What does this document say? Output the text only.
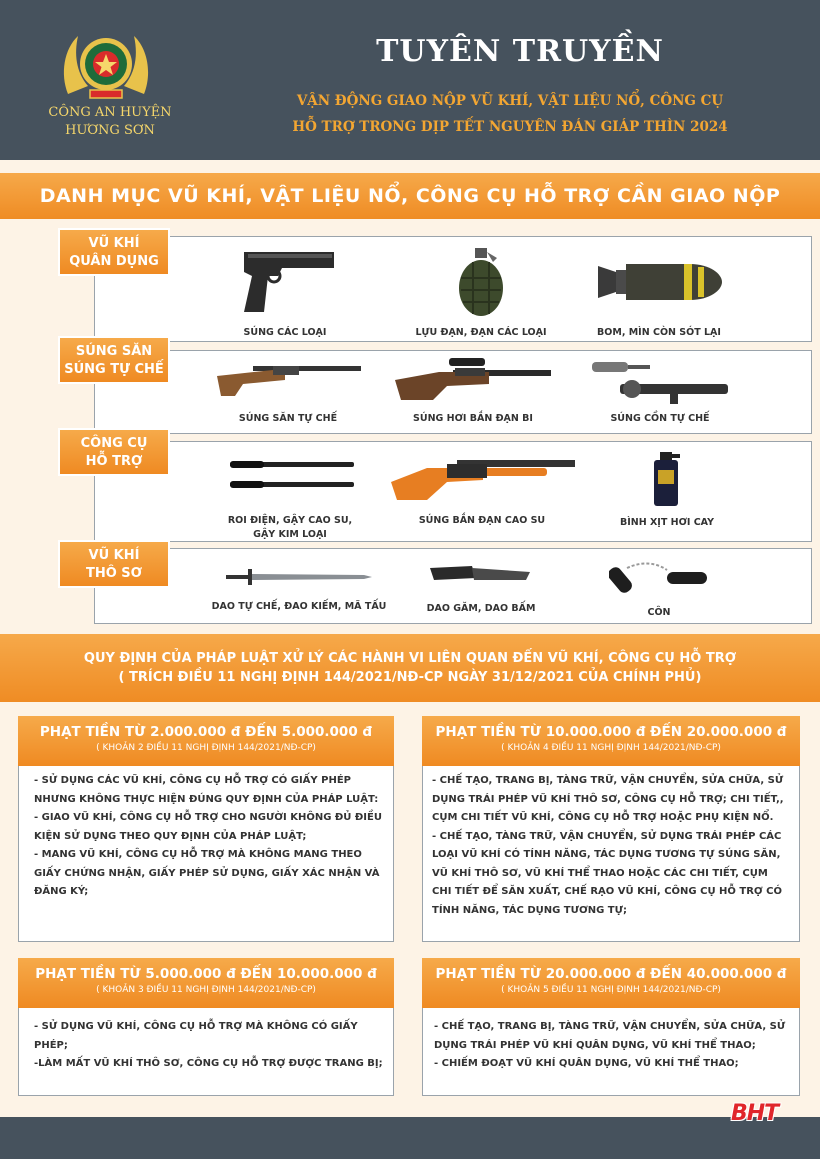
CÔNG AN HUYỆN
HƯƠNG SƠN
TUYÊN TRUYỀN
VẬN ĐỘNG GIAO NỘP VŨ KHÍ, VẬT LIỆU NỔ, CÔNG CỤ
HỖ TRỢ TRONG DỊP TẾT NGUYÊN ĐÁN GIÁP THÌN 2024
DANH MỤC VŨ KHÍ, VẬT LIỆU NỔ, CÔNG CỤ HỖ TRỢ CẦN GIAO NỘP
VŨ KHÍ
QUÂN DỤNG
SÚNG CÁC LOẠI	LỰU ĐẠN, ĐẠN CÁC LOẠI	BOM, MÌN CÒN SÓT LẠI
SÚNG SĂN
SÚNG TỰ CHẾ
SÚNG SĂN TỰ CHẾ	SÚNG HƠI BẮN ĐẠN BI	SÚNG CỒN TỰ CHẾ
CÔNG CỤ
HỖ TRỢ
ROI ĐIỆN, GẬY CAO SU,
GẬY KIM LOẠI
SÚNG BẮN ĐẠN CAO SU	BÌNH XỊT HƠI CAY
VŨ KHÍ
THÔ SƠ
DAO TỰ CHẾ, ĐAO KIẾM, MÃ TẤU	DAO GĂM, DAO BẤM	CÔN
QUY ĐỊNH CỦA PHÁP LUẬT XỬ LÝ CÁC HÀNH VI LIÊN QUAN ĐẾN VŨ KHÍ, CÔNG CỤ HỖ TRỢ
( TRÍCH ĐIỀU 11 NGHỊ ĐỊNH 144/2021/NĐ-CP NGÀY 31/12/2021 CỦA CHÍNH PHỦ)
PHẠT TIỀN TỪ 2.000.000 đ ĐẾN 5.000.000 đ
( KHOẢN 2 ĐIỀU 11 NGHỊ ĐỊNH 144/2021/NĐ-CP)
- SỬ DỤNG CÁC VŨ KHÍ, CÔNG CỤ HỖ TRỢ CÓ GIẤY PHÉP
NHƯNG KHÔNG THỰC HIỆN ĐÚNG QUY ĐỊNH CỦA PHÁP LUẬT:
- GIAO VŨ KHÍ, CÔNG CỤ HỖ TRỢ CHO NGƯỜI KHÔNG ĐỦ ĐIỀU
KIỆN SỬ DỤNG THEO QUY ĐỊNH CỦA PHÁP LUẬT;
- MANG VŨ KHÍ, CÔNG CỤ HỖ TRỢ MÀ KHÔNG MANG THEO
GIẤY CHỨNG NHẬN, GIẤY PHÉP SỬ DỤNG, GIẤY XÁC NHẬN VÀ
ĐĂNG KÝ;
PHẠT TIỀN TỪ 10.000.000 đ ĐẾN 20.000.000 đ
( KHOẢN 4 ĐIỀU 11 NGHỊ ĐỊNH 144/2021/NĐ-CP)
- CHẾ TẠO, TRANG BỊ, TÀNG TRỮ, VẬN CHUYỂN, SỬA CHỮA, SỬ
DỤNG TRÁI PHÉP VŨ KHÍ THÔ SƠ, CÔNG CỤ HỖ TRỢ; CHI TIẾT,,
CỤM CHI TIẾT VŨ KHÍ, CÔNG CỤ HỖ TRỢ HOẶC PHỤ KIỆN NỔ.
- CHẾ TẠO, TÀNG TRỮ, VẬN CHUYỂN, SỬ DỤNG TRÁI PHÉP CÁC
LOẠI VŨ KHÍ CÓ TÍNH NĂNG, TÁC DỤNG TƯƠNG TỰ SÚNG SĂN,
VŨ KHÍ THÔ SƠ, VŨ KHÍ THỂ THAO HOẶC CÁC CHI TIẾT, CỤM
CHI TIẾT ĐỂ SĂN XUẤT, CHẾ RẠO VŨ KHÍ, CÔNG CỤ HỖ TRỢ CÓ
TÍNH NĂNG, TÁC DỤNG TƯƠNG TỰ;
PHẠT TIỀN TỪ 5.000.000 đ ĐẾN 10.000.000 đ
( KHOẢN 3 ĐIỀU 11 NGHỊ ĐỊNH 144/2021/NĐ-CP)
- SỬ DỤNG VŨ KHÍ, CÔNG CỤ HỖ TRỢ MÀ KHÔNG CÓ GIẤY
PHÉP;
-LÀM MẤT VŨ KHÍ THÔ SƠ, CÔNG CỤ HỖ TRỢ ĐƯỢC TRANG BỊ;
PHẠT TIỀN TỪ 20.000.000 đ ĐẾN 40.000.000 đ
( KHOẢN 5 ĐIỀU 11 NGHỊ ĐỊNH 144/2021/NĐ-CP)
- CHẾ TẠO, TRANG BỊ, TÀNG TRỮ, VẬN CHUYỂN, SỬA CHỮA, SỬ
DỤNG TRÁI PHÉP VŨ KHÍ QUÂN DỤNG, VŨ KHÍ THỂ THAO;
- CHIẾM ĐOẠT VŨ KHÍ QUÂN DỤNG, VŨ KHÍ THỂ THAO;
BHT
